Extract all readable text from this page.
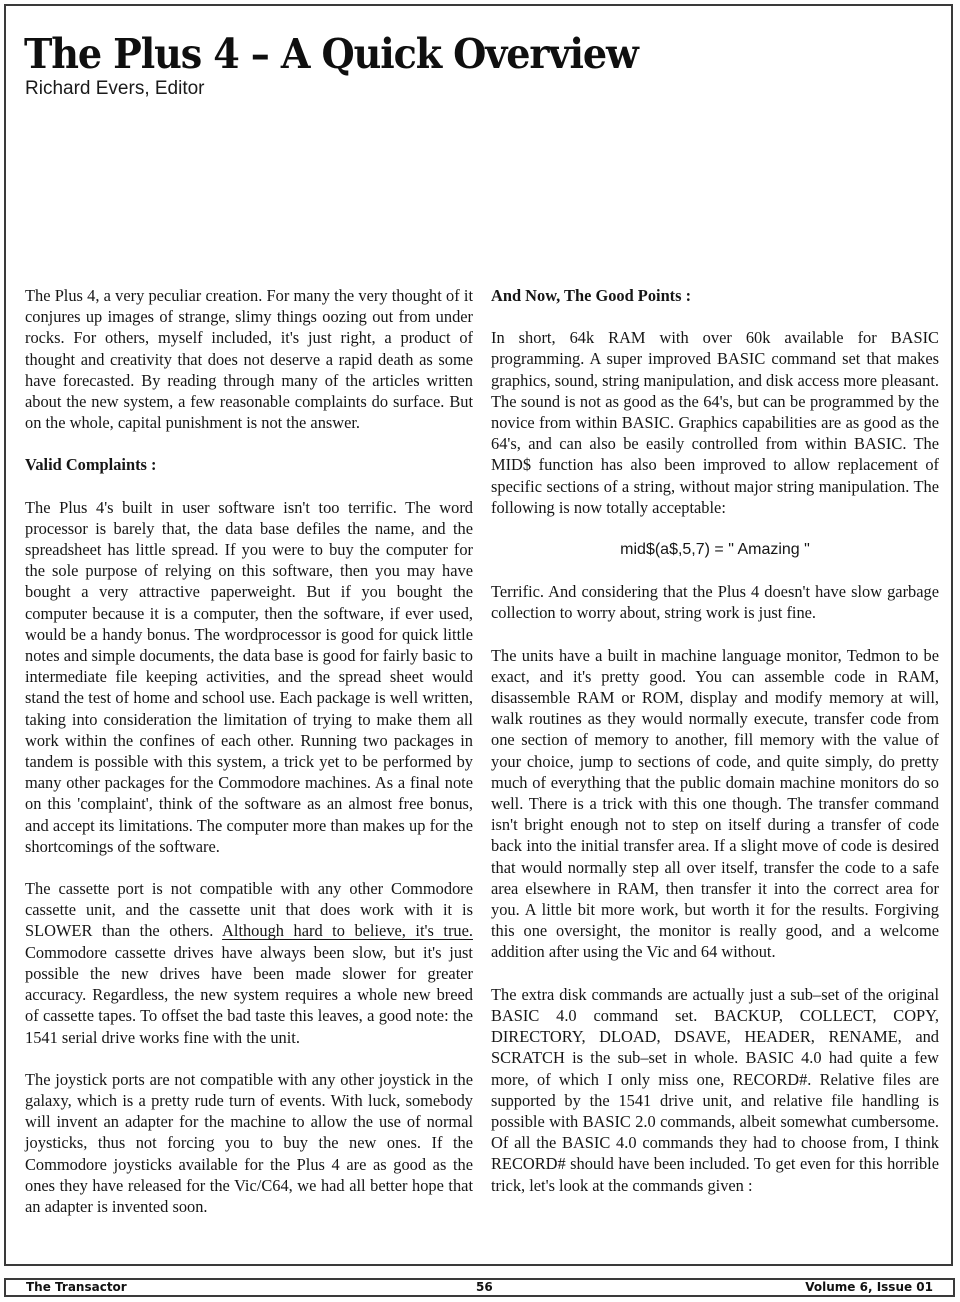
The Plus 4 – A Quick Overview
Richard Evers, Editor

The Plus 4, a very peculiar creation. For many the very thought of it conjures up images of strange, slimy things oozing out from under rocks. For others, myself included, it's just right, a product of thought and creativity that does not deserve a rapid death as some have forecasted. By reading through many of the articles written about the new system, a few reasonable complaints do surface. But on the whole, capital punishment is not the answer.

Valid Complaints :

The Plus 4's built in user software isn't too terrific. The word processor is barely that, the data base defiles the name, and the spreadsheet has little spread. If you were to buy the computer for the sole purpose of relying on this software, then you may have bought a very attractive paperweight. But if you bought the computer because it is a computer, then the software, if ever used, would be a handy bonus. The wordprocessor is good for quick little notes and simple documents, the data base is good for fairly basic to intermediate file keeping activities, and the spread sheet would stand the test of home and school use. Each package is well written, taking into consideration the limitation of trying to make them all work within the confines of each other. Running two packages in tandem is possible with this system, a trick yet to be performed by many other packages for the Commodore machines. As a final note on this 'complaint', think of the software as an almost free bonus, and accept its limitations. The computer more than makes up for the shortcomings of the software.

The cassette port is not compatible with any other Commodore cassette unit, and the cassette unit that does work with it is SLOWER than the others. Although hard to believe, it's true. Commodore cassette drives have always been slow, but it's just possible the new drives have been made slower for greater accuracy. Regardless, the new system requires a whole new breed of cassette tapes. To offset the bad taste this leaves, a good note: the 1541 serial drive works fine with the unit.

The joystick ports are not compatible with any other joystick in the galaxy, which is a pretty rude turn of events. With luck, somebody will invent an adapter for the machine to allow the use of normal joysticks, thus not forcing you to buy the new ones. If the Commodore joysticks available for the Plus 4 are as good as the ones they have released for the Vic/C64, we had all better hope that an adapter is invented soon.

And Now, The Good Points :

In short, 64k RAM with over 60k available for BASIC programming. A super improved BASIC command set that makes graphics, sound, string manipulation, and disk access more pleasant. The sound is not as good as the 64's, but can be programmed by the novice from within BASIC. Graphics capabilities are as good as the 64's, and can also be easily controlled from within BASIC. The MID$ function has also been improved to allow replacement of specific sections of a string, without major string manipulation. The following is now totally acceptable:

mid$(a$,5,7) = " Amazing "

Terrific. And considering that the Plus 4 doesn't have slow garbage collection to worry about, string work is just fine.

The units have a built in machine language monitor, Tedmon to be exact, and it's pretty good. You can assemble code in RAM, disassemble RAM or ROM, display and modify memory at will, walk routines as they would normally execute, transfer code from one section of memory to another, fill memory with the value of your choice, jump to sections of code, and quite simply, do pretty much of everything that the public domain machine monitors do so well. There is a trick with this one though. The transfer command isn't bright enough not to step on itself during a transfer of code back into the initial transfer area. If a slight move of code is desired that would normally step all over itself, transfer the code to a safe area elsewhere in RAM, then transfer it into the correct area for you. A little bit more work, but worth it for the results. Forgiving this one oversight, the monitor is really good, and a welcome addition after using the Vic and 64 without.

The extra disk commands are actually just a sub–set of the original BASIC 4.0 command set. BACKUP, COLLECT, COPY, DIRECTORY, DLOAD, DSAVE, HEADER, RENAME, and SCRATCH is the sub–set in whole. BASIC 4.0 had quite a few more, of which I only miss one, RECORD#. Relative files are supported by the 1541 drive unit, and relative file handling is possible with BASIC 2.0 commands, albeit somewhat cumbersome. Of all the BASIC 4.0 commands they had to choose from, I think RECORD# should have been included. To get even for this horrible trick, let's look at the commands given :

The Transactor	56	Volume 6, Issue 01
